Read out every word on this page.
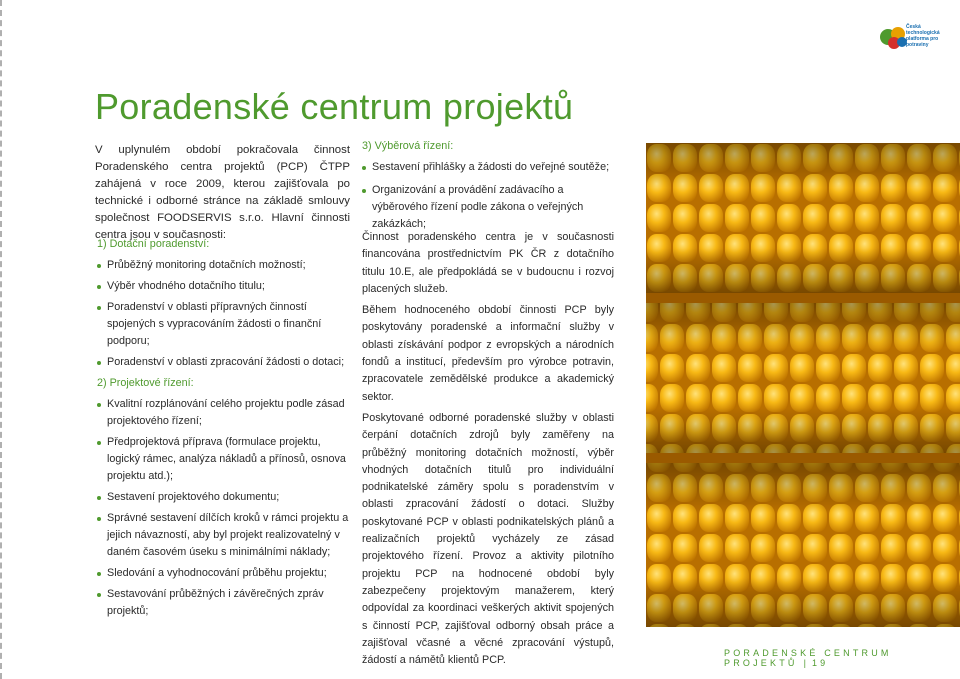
Česká technologická platforma pro potraviny
Poradenské centrum projektů

V uplynulém období pokračovala činnost Poradenského centra projektů (PCP) ČTPP zahájená v roce 2009, kterou zajišťovala po technické i odborné stránce na základě smlouvy společnost FOODSERVIS s.r.o. Hlavní činnosti centra jsou v současnosti:

1) Dotační poradenství:
Průběžný monitoring dotačních možností;
Výběr vhodného dotačního titulu;
Poradenství v oblasti přípravných činností spojených s vypracováním žádosti o finanční podporu;
Poradenství v oblasti zpracování žádosti o dotaci;
2) Projektové řízení:
Kvalitní rozplánování celého projektu podle zásad projektového řízení;
Předprojektová příprava (formulace projektu, logický rámec, analýza nákladů a přínosů, osnova projektu atd.);
Sestavení projektového dokumentu;
Správné sestavení dílčích kroků v rámci projektu a jejich návazností, aby byl projekt realizovatelný v daném časovém úseku s minimálními náklady;
Sledování a vyhodnocování průběhu projektu;
Sestavování průběžných i závěrečných zpráv projektů;
3) Výběrová řízení:
Sestavení přihlášky a žádosti do veřejné soutěže;
Organizování a provádění zadávacího a výběrového řízení podle zákona o veřejných zakázkách;

Činnost poradenského centra je v současnosti financována prostřednictvím PK ČR z dotačního titulu 10.E, ale předpokládá se v budoucnu i rozvoj placených služeb.

Během hodnoceného období činnosti PCP byly poskytovány poradenské a informační služby v oblasti získávání podpor z evropských a národních fondů a institucí, především pro výrobce potravin, zpracovatele zemědělské produkce a akademický sektor.

Poskytované odborné poradenské služby v oblasti čerpání dotačních zdrojů byly zaměřeny na průběžný monitoring dotačních možností, výběr vhodných dotačních titulů pro individuální podnikatelské záměry spolu s poradenstvím v oblasti zpracování žádostí o dotaci. Služby poskytované PCP v oblasti podnikatelských plánů a realizačních projektů vycházely ze zásad projektového řízení. Provoz a aktivity pilotního projektu PCP na hodnocené období byly zabezpečeny projektovým manažerem, který odpovídal za koordinaci veškerých aktivit spojených s činností PCP, zajišťoval odborný obsah práce a zajišťoval včasné a věcné zpracování výstupů, žádostí a námětů klientů PCP.

PORADENSKÉ CENTRUM PROJEKTŮ | 19
